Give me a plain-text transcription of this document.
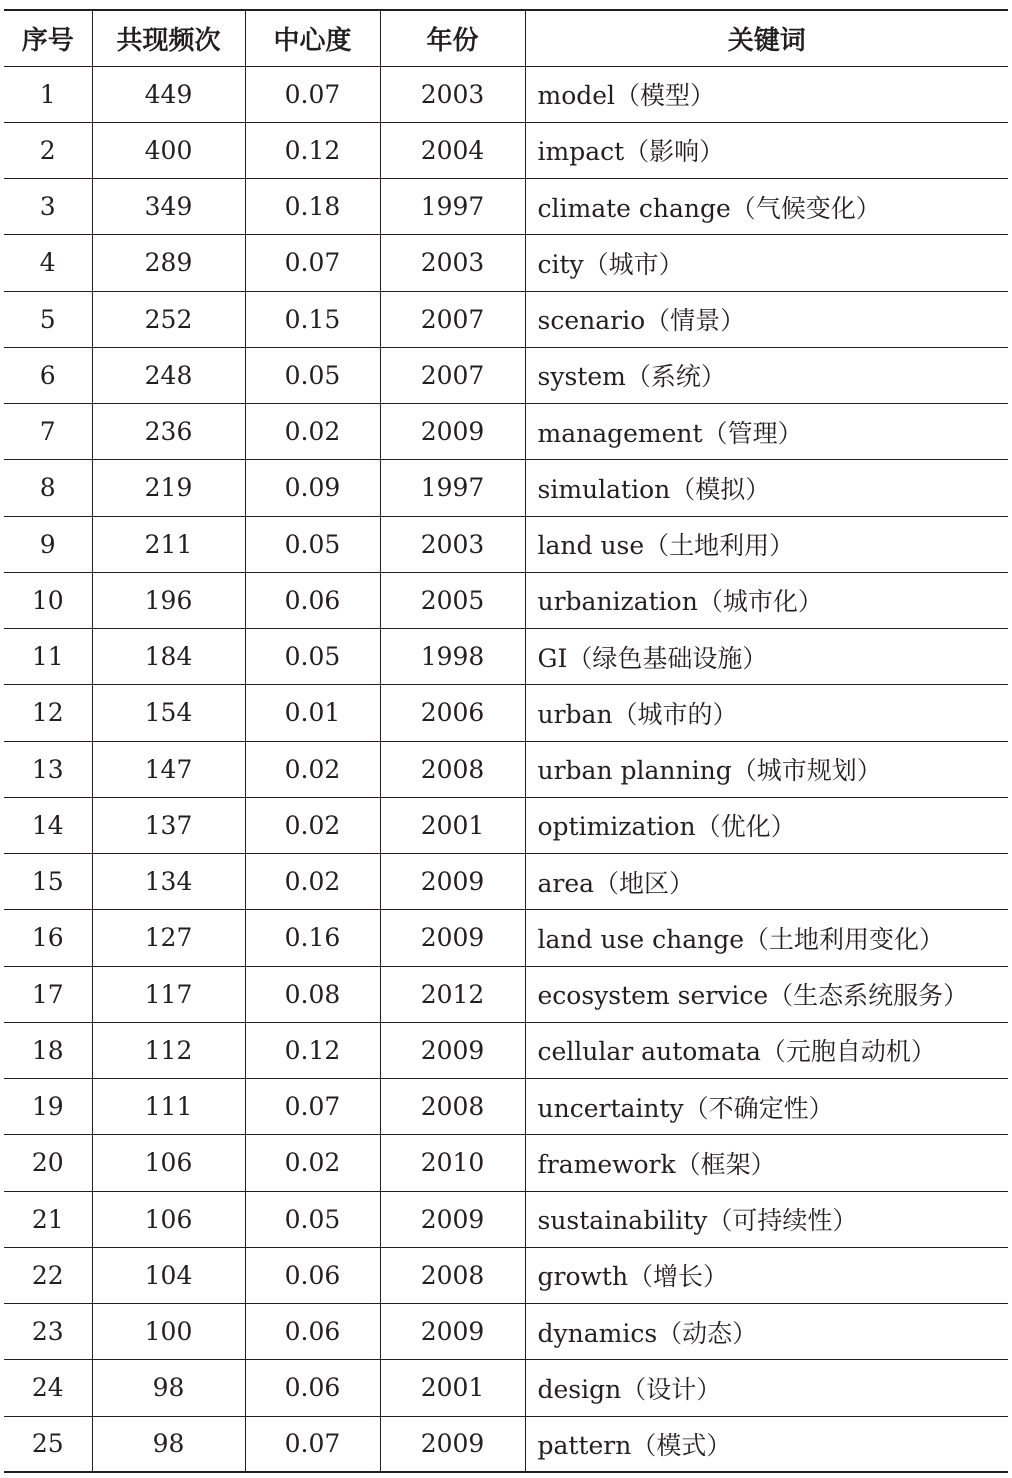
序号	共现频次	中心度	年份	关键词
1	449	0.07	2003	model（模型）
2	400	0.12	2004	impact（影响）
3	349	0.18	1997	climate change（气候变化）
4	289	0.07	2003	city（城市）
5	252	0.15	2007	scenario（情景）
6	248	0.05	2007	system（系统）
7	236	0.02	2009	management（管理）
8	219	0.09	1997	simulation（模拟）
9	211	0.05	2003	land use（土地利用）
10	196	0.06	2005	urbanization（城市化）
11	184	0.05	1998	GI（绿色基础设施）
12	154	0.01	2006	urban（城市的）
13	147	0.02	2008	urban planning（城市规划）
14	137	0.02	2001	optimization（优化）
15	134	0.02	2009	area（地区）
16	127	0.16	2009	land use change（土地利用变化）
17	117	0.08	2012	ecosystem service（生态系统服务）
18	112	0.12	2009	cellular automata（元胞自动机）
19	111	0.07	2008	uncertainty（不确定性）
20	106	0.02	2010	framework（框架）
21	106	0.05	2009	sustainability（可持续性）
22	104	0.06	2008	growth（增长）
23	100	0.06	2009	dynamics（动态）
24	98	0.06	2001	design（设计）
25	98	0.07	2009	pattern（模式）
